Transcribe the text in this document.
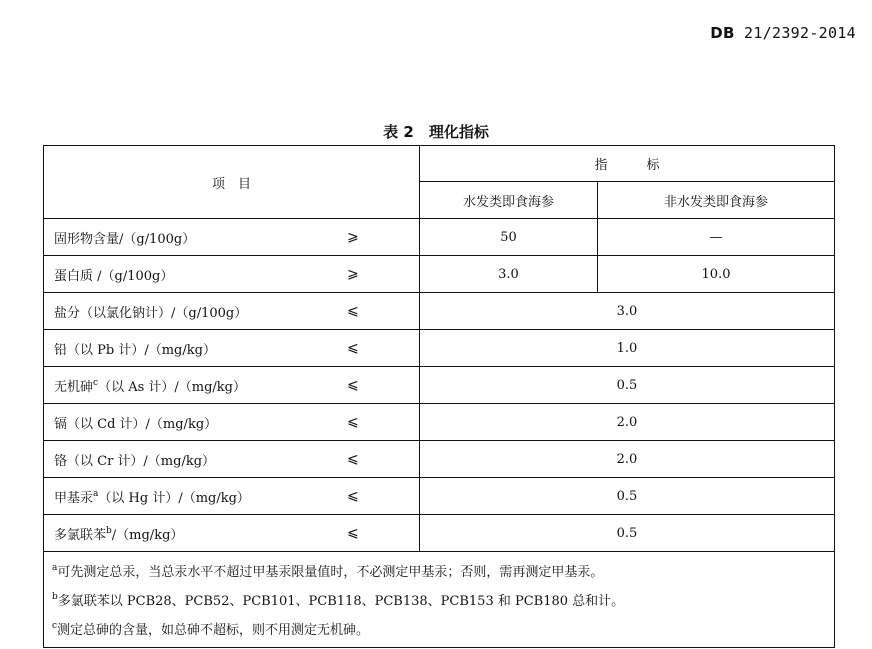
DB 21/2392-2014
表 2　理化指标
项　目	指　　　标	
	水发类即食海参	非水发类即食海参
固形物含量/（g/100g） ⩾	50	—
蛋白质 /（g/100g） ⩾	3.0	10.0
盐分（以氯化钠计）/（g/100g） ⩽	3.0	
铅（以 Pb 计）/（mg/kg） ⩽	1.0	
无机砷$^c$（以 As 计）/（mg/kg） ⩽	0.5	
镉（以 Cd 计）/（mg/kg） ⩽	2.0	
铬（以 Cr 计）/（mg/kg） ⩽	2.0	
甲基汞$^a$（以 Hg 计）/（mg/kg） ⩽	0.5	
多氯联苯$^b$/（mg/kg） ⩽	0.5	

$^a$可先测定总汞，当总汞水平不超过甲基汞限量值时，不必测定甲基汞；否则，需再测定甲基汞。
$^b$多氯联苯以 PCB28、PCB52、PCB101、PCB118、PCB138、PCB153 和 PCB180 总和计。
$^c$测定总砷的含量，如总砷不超标，则不用测定无机砷。		
